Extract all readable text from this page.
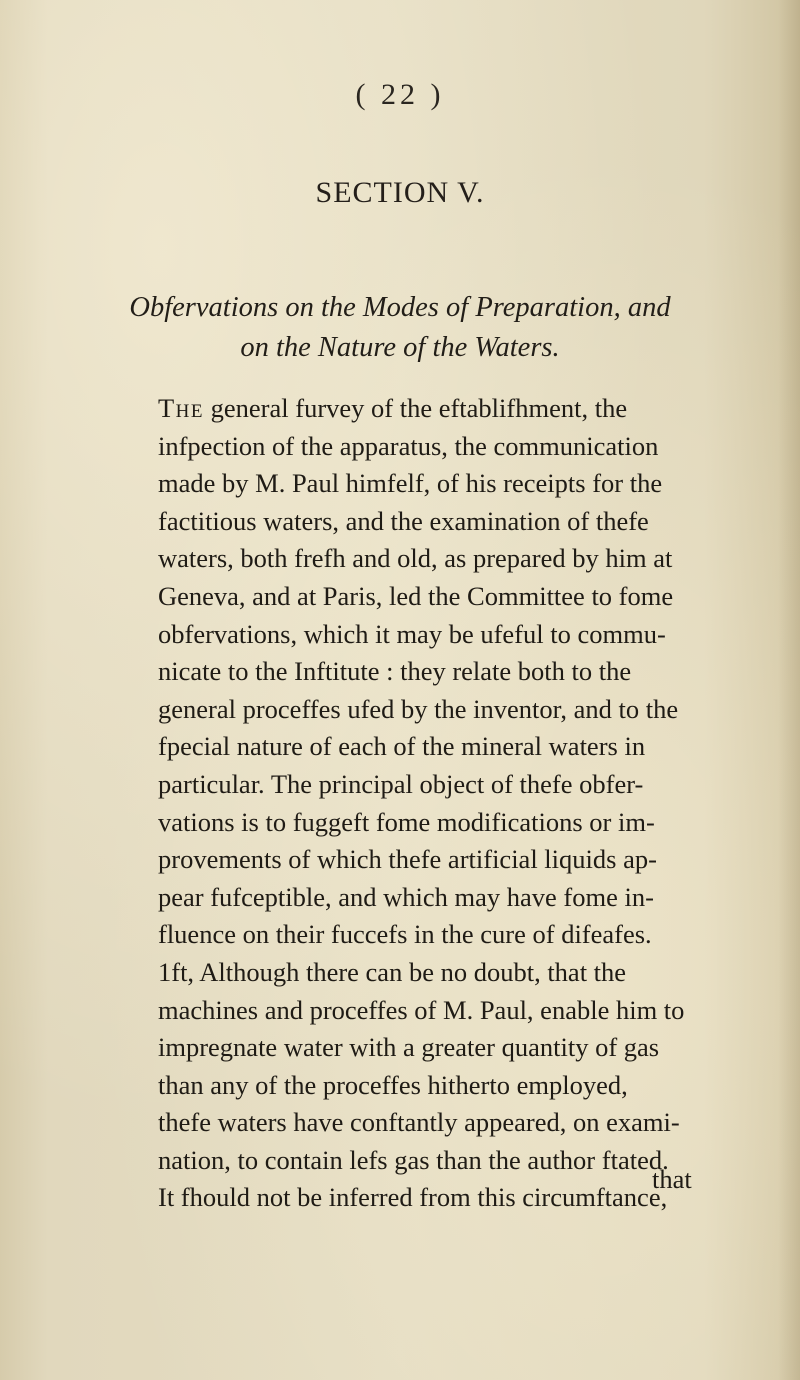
( 22 )
SECTION V.

Obfervations on the Modes of Preparation, and

on the Nature of the Waters.

The general furvey of the eftablifhment, the
infpection of the apparatus, the communication
made by M. Paul himfelf, of his receipts for the
factitious waters, and the examination of thefe
waters, both frefh and old, as prepared by him at
Geneva, and at Paris, led the Committee to fome
obfervations, which it may be ufeful to commu-
nicate to the Inftitute : they relate both to the
general proceffes ufed by the inventor, and to the
fpecial nature of each of the mineral waters in
particular. The principal object of thefe obfer-
vations is to fuggeft fome modifications or im-
provements of which thefe artificial liquids ap-
pear fufceptible, and which may have fome in-
fluence on their fuccefs in the cure of difeafes.
1ft, Although there can be no doubt, that the
machines and proceffes of M. Paul, enable him to
impregnate water with a greater quantity of gas
than any of the proceffes hitherto employed,
thefe waters have conftantly appeared, on exami-
nation, to contain lefs gas than the author ftated.
It fhould not be inferred from this circumftance,
that
